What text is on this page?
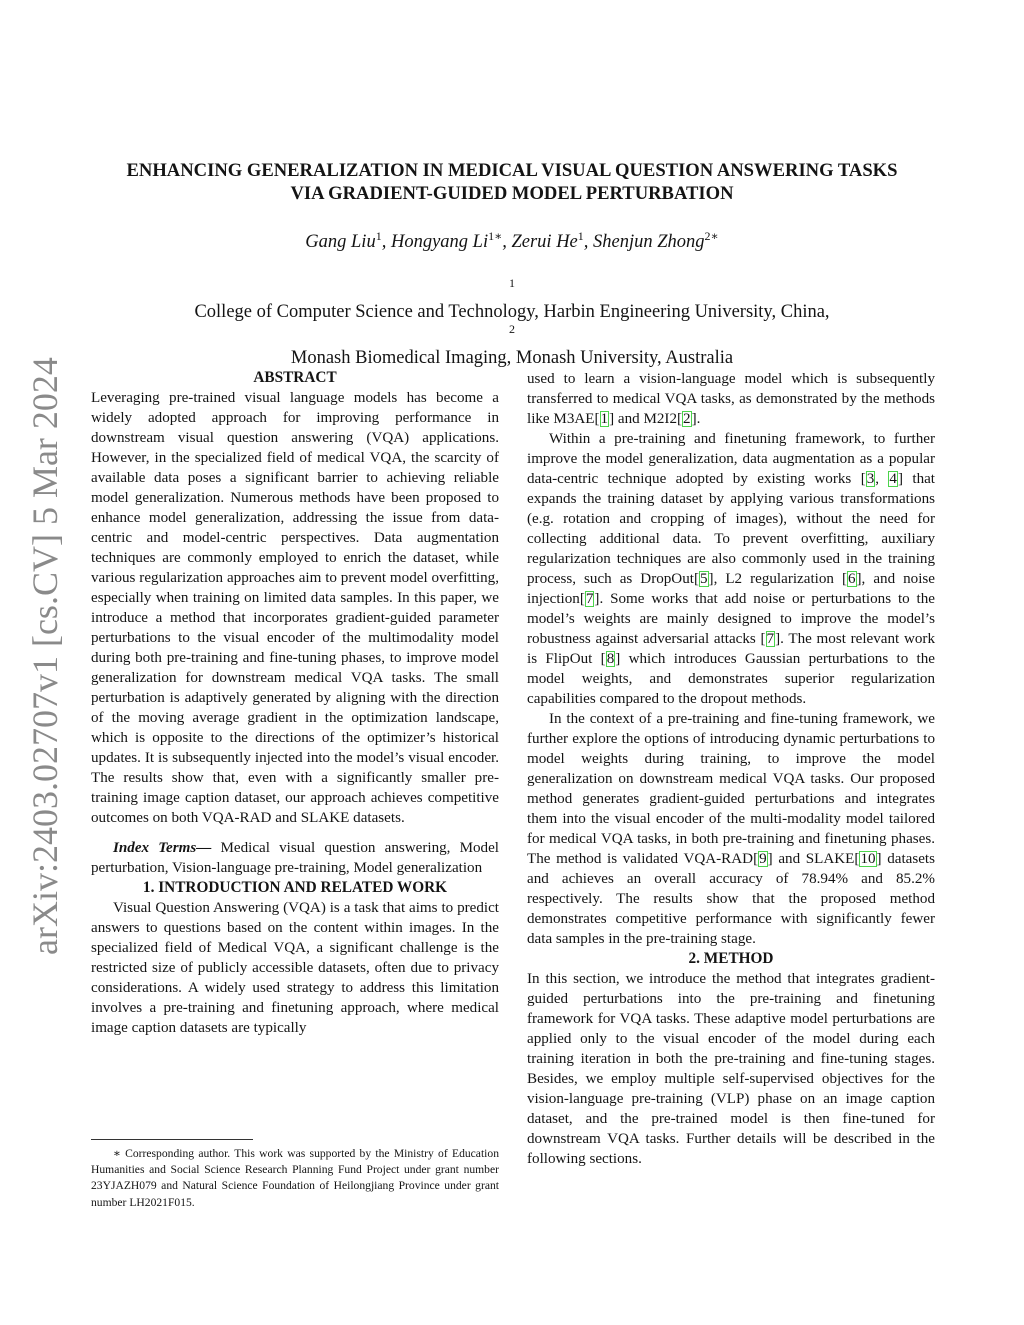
ENHANCING GENERALIZATION IN MEDICAL VISUAL QUESTION ANSWERING TASKS
VIA GRADIENT-GUIDED MODEL PERTURBATION
Gang Liu$^1$, Hongyang $Li^{1∗}$, Zerui He$^1$, Shenjun Zhong$^{2∗}$
$^1$
College of Computer Science and Technology, Harbin Engineering University, China,
$^2$
Monash Biomedical Imaging, Monash University, Australia
arXiv:2403.02707v1 [cs.CV] 5 Mar 2024	ABSTRACT

Leveraging pre-trained visual language models has become a widely adopted approach for improving performance in downstream visual question answering (VQA) applications. However, in the specialized field of medical VQA, the scarcity of available data poses a significant barrier to achieving reliable model generalization. Numerous methods have been proposed to enhance model generalization, addressing the issue from data-centric and model-centric perspectives. Data augmentation techniques are commonly employed to enrich the dataset, while various regularization approaches aim to prevent model overfitting, especially when training on limited data samples. In this paper, we introduce a method that incorporates gradient-guided parameter perturbations to the visual encoder of the multimodality model during both pre-training and fine-tuning phases, to improve model generalization for downstream medical VQA tasks. The small perturbation is adaptively generated by aligning with the direction of the moving average gradient in the optimization landscape, which is opposite to the directions of the optimizer’s historical updates. It is subsequently injected into the model’s visual encoder. The results show that, even with a significantly smaller pre-training image caption dataset, our approach achieves competitive outcomes on both VQA-RAD and SLAKE datasets.

Index Terms— Medical visual question answering, Model perturbation, Vision-language pre-training, Model generalization

1. INTRODUCTION AND RELATED WORK

Visual Question Answering (VQA) is a task that aims to predict answers to questions based on the content within images. In the specialized field of Medical VQA, a significant challenge is the restricted size of publicly accessible datasets, often due to privacy considerations. A widely used strategy to address this limitation involves a pre-training and finetuning approach, where medical image caption datasets are typically

used to learn a vision-language model which is subsequently transferred to medical VQA tasks, as demonstrated by the methods like M3AE[1] and M2I2[2].

Within a pre-training and finetuning framework, to further improve the model generalization, data augmentation as a popular data-centric technique adopted by existing works [3, 4] that expands the training dataset by applying various transformations (e.g. rotation and cropping of images), without the need for collecting additional data. To prevent overfitting, auxiliary regularization techniques are also commonly used in the training process, such as DropOut[5], L2 regularization [6], and noise injection[7]. Some works that add noise or perturbations to the model’s weights are mainly designed to improve the model’s robustness against adversarial attacks [7]. The most relevant work is FlipOut [8] which introduces Gaussian perturbations to the model weights, and demonstrates superior regularization capabilities compared to the dropout methods.

In the context of a pre-training and fine-tuning framework, we further explore the options of introducing dynamic perturbations to model weights during training, to improve the model generalization on downstream medical VQA tasks. Our proposed method generates gradient-guided perturbations and integrates them into the visual encoder of the multi-modality model tailored for medical VQA tasks, in both pre-training and finetuning phases. The method is validated VQA-RAD[9] and SLAKE[10] datasets and achieves an overall accuracy of 78.94% and 85.2% respectively. The results show that the proposed method demonstrates competitive performance with significantly fewer data samples in the pre-training stage.

2. METHOD

In this section, we introduce the method that integrates gradient-guided perturbations into the pre-training and finetuning framework for VQA tasks. These adaptive model perturbations are applied only to the visual encoder of the model during each training iteration in both the pre-training and fine-tuning stages. Besides, we employ multiple self-supervised objectives for the vision-language pre-training (VLP) phase on an image caption dataset, and the pre-trained model is then fine-tuned for downstream VQA tasks. Further details will be described in the following sections.

∗ Corresponding author. This work was supported by the Ministry of Education Humanities and Social Science Research Planning Fund Project under grant number 23YJAZH079 and Natural Science Foundation of Heilongjiang Province under grant number LH2021F015.
